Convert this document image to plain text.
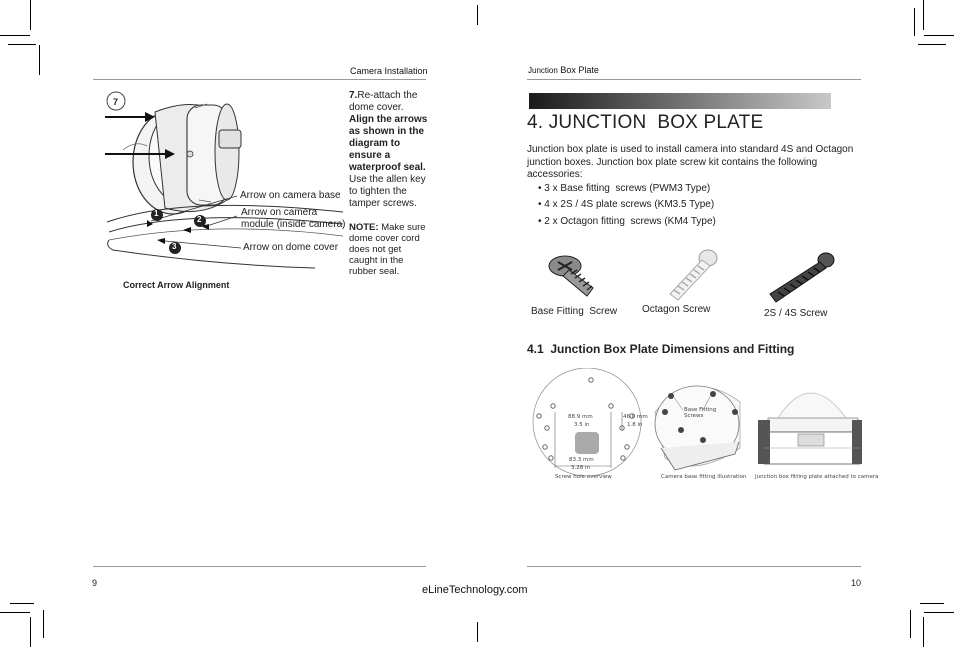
Camera Installation
7
1
2
3
Arrow on camera base
Arrow on camera
module (inside camera)
Arrow on dome cover
Correct Arrow Alignment
7.Re-attach the
dome cover.
Align the arrows
as shown in the
diagram to
ensure a
waterproof seal.
Use the allen key
to tighten the
tamper screws.
NOTE: Make sure
dome cover cord
does not get
caught in the
rubber seal.
9
Junction Box Plate
4. JUNCTION  BOX PLATE
Junction box plate is used to install camera into standard 4S and Octagon
junction boxes. Junction box plate screw kit contains the following
accessories:
• 3 x Base fitting  screws (PWM3 Type)
• 4 x 2S / 4S plate screws (KM3.5 Type)
• 2 x Octagon fitting  screws (KM4 Type)
Base Fitting  Screw Octagon Screw	2S / 4S Screw
4.1  Junction Box Plate Dimensions and Fitting
88.9 mm
3.5 in
46.0 mm
1.8 in
83.3 mm
3.28 in
Screw hole overview
Base Fitting
Screws
Camera base fitting illustration Junction box fitting plate attached to camera
10
eLineTechnology.com
